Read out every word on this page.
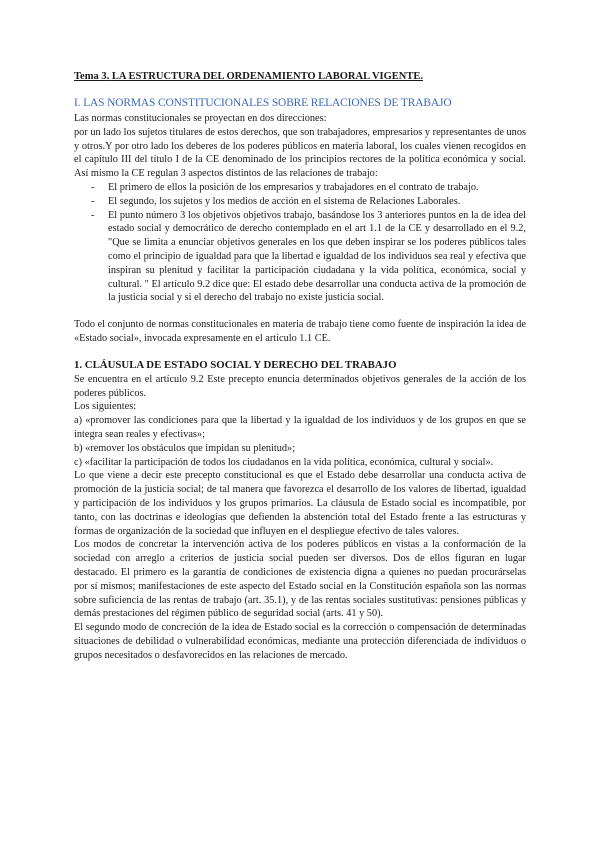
Tema 3. LA ESTRUCTURA DEL ORDENAMIENTO LABORAL VIGENTE.
I. LAS NORMAS CONSTITUCIONALES SOBRE RELACIONES DE TRABAJO

Las normas constitucionales se proyectan en dos direcciones:

por un lado los sujetos titulares de estos derechos, que son trabajadores, empresarios y representantes de unos y otros.Y por otro lado los deberes de los poderes públicos en materia laboral, los cuales vienen recogidos en el capítulo III del título I de la CE denominado de los principios rectores de la política económica y social. Así mismo la CE regulan 3 aspectos distintos de las relaciones de trabajo:

- El primero de ellos la posición de los empresarios y trabajadores en el contrato de trabajo.
- El segundo, los sujetos y los medios de acción en el sistema de Relaciones Laborales.
- El punto número 3 los objetivos objetivos trabajo, basándose los 3 anteriores puntos en la de idea del estado social y democrático de derecho contemplado en el art 1.1 de la CE y desarrollado en el 9.2, "Que se limita a enunciar objetivos generales en los que deben inspirar se los poderes públicos tales como el principio de igualdad para que la libertad e igualdad de los individuos sea real y efectiva que inspiran su plenitud y facilitar la participación ciudadana y la vida política, económica, social y cultural. " El artículo 9.2 dice que: El estado debe desarrollar una conducta activa de la promoción de la justicia social y si el derecho del trabajo no existe justicia social.

Todo el conjunto de normas constitucionales en materia de trabajo tiene como fuente de inspiración la idea de «Estado social», invocada expresamente en el artículo 1.1 CE.

1. CLÁUSULA DE ESTADO SOCIAL Y DERECHO DEL TRABAJO

Se encuentra en el artículo 9.2 Este precepto enuncia determinados objetivos generales de la acción de los poderes públicos.

Los siguientes:

a) «promover las condiciones para que la libertad y la igualdad de los individuos y de los grupos en que se integra sean reales y efectivas»;

b) «remover los obstáculos que impidan su plenitud»;

c) «facilitar la participación de todos los ciudadanos en la vida política, económica, cultural y social».

Lo que viene a decir este precepto constitucional es que el Estado debe desarrollar una conducta activa de promoción de la justicia social; de tal manera que favorezca el desarrollo de los valores de libertad, igualdad y participación de los individuos y los grupos primarios. La cláusula de Estado social es incompatible, por tanto, con las doctrinas e ideologías que defienden la abstención total del Estado frente a las estructuras y formas de organización de la sociedad que influyen en el despliegue efectivo de tales valores.

Los modos de concretar la intervención activa de los poderes públicos en vistas a la conformación de la sociedad con arreglo a criterios de justicia social pueden ser diversos. Dos de ellos figuran en lugar destacado. El primero es la garantía de condiciones de existencia digna a quienes no puedan procurárselas por sí mismos; manifestaciones de este aspecto del Estado social en la Constitución española son las normas sobre suficiencia de las rentas de trabajo (art. 35.1), y de las rentas sociales sustitutivas: pensiones públicas y demás prestaciones del régimen público de seguridad social (arts. 41 y 50).

El segundo modo de concreción de la idea de Estado social es la corrección o compensación de determinadas situaciones de debilidad o vulnerabilidad económicas, mediante una protección diferenciada de individuos o grupos necesitados o desfavorecidos en las relaciones de mercado.
